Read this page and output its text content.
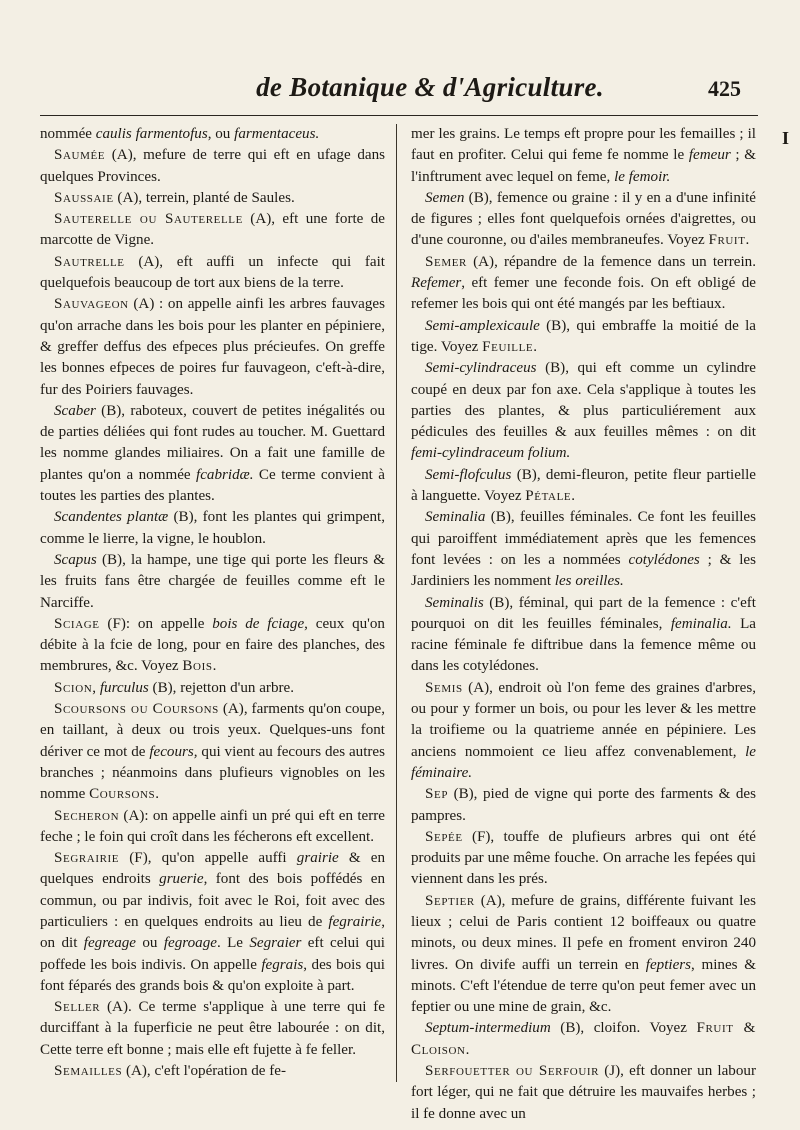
de Botanique & d'Agriculture.	425
I

nommée caulis farmentofus, ou farmentaceus.

Saumée (A), mefure de terre qui eft en ufage dans quelques Provinces.

Saussaie (A), terrein, planté de Saules.

Sauterelle ou Sauterelle (A), eft une forte de marcotte de Vigne.

Sautrelle (A), eft auffi un infecte qui fait quelquefois beaucoup de tort aux biens de la terre.

Sauvageon (A) : on appelle ainfi les arbres fauvages qu'on arrache dans les bois pour les planter en pépiniere, & greffer deffus des efpeces plus précieufes. On greffe les bonnes efpeces de poires fur fauvageon, c'eft-à-dire, fur des Poiriers fauvages.

Scaber (B), raboteux, couvert de petites inégalités ou de parties déliées qui font rudes au toucher. M. Guettard les nomme glandes miliaires. On a fait une famille de plantes qu'on a nommée fcabridæ. Ce terme convient à toutes les parties des plantes.

Scandentes plantæ (B), font les plantes qui grimpent, comme le lierre, la vigne, le houblon.

Scapus (B), la hampe, une tige qui porte les fleurs & les fruits fans être chargée de feuilles comme eft le Narciffe.

Sciage (F): on appelle bois de fciage, ceux qu'on débite à la fcie de long, pour en faire des planches, des membrures, &c. Voyez Bois.

Scion, furculus (B), rejetton d'un arbre.

Scoursons ou Coursons (A), farments qu'on coupe, en taillant, à deux ou trois yeux. Quelques-uns font dériver ce mot de fecours, qui vient au fecours des autres branches ; néanmoins dans plufieurs vignobles on les nomme Coursons.

Secheron (A): on appelle ainfi un pré qui eft en terre feche ; le foin qui croît dans les fécherons eft excellent.

Segrairie (F), qu'on appelle auffi grairie & en quelques endroits gruerie, font des bois poffédés en commun, ou par indivis, foit avec le Roi, foit avec des particuliers : en quelques endroits au lieu de fegrairie, on dit fegreage ou fegroage. Le Segraier eft celui qui poffede les bois indivis. On appelle fegrais, des bois qui font féparés des grands bois & qu'on exploite à part.

Seller (A). Ce terme s'applique à une terre qui fe durciffant à la fuperficie ne peut être labourée : on dit, Cette terre eft bonne ; mais elle eft fujette à fe feller.

Semailles (A), c'eft l'opération de fe-

mer les grains. Le temps eft propre pour les femailles ; il faut en profiter. Celui qui feme fe nomme le femeur ; & l'inftrument avec lequel on feme, le femoir.

Semen (B), femence ou graine : il y en a d'une infinité de figures ; elles font quelquefois ornées d'aigrettes, ou d'une couronne, ou d'ailes membraneufes. Voyez Fruit.

Semer (A), répandre de la femence dans un terrein. Refemer, eft femer une feconde fois. On eft obligé de refemer les bois qui ont été mangés par les beftiaux.

Semi-amplexicaule (B), qui embraffe la moitié de la tige. Voyez Feuille.

Semi-cylindraceus (B), qui eft comme un cylindre coupé en deux par fon axe. Cela s'applique à toutes les parties des plantes, & plus particuliérement aux pédicules des feuilles & aux feuilles mêmes : on dit femi-cylindraceum folium.

Semi-flofculus (B), demi-fleuron, petite fleur partielle à languette. Voyez Pétale.

Seminalia (B), feuilles féminales. Ce font les feuilles qui paroiffent immédiatement après que les femences font levées : on les a nommées cotylédones ; & les Jardiniers les nomment les oreilles.

Seminalis (B), féminal, qui part de la femence : c'eft pourquoi on dit les feuilles féminales, feminalia. La racine féminale fe diftribue dans la femence même ou dans les cotylédones.

Semis (A), endroit où l'on feme des graines d'arbres, ou pour y former un bois, ou pour les lever & les mettre la troifieme ou la quatrieme année en pépiniere. Les anciens nommoient ce lieu affez convenablement, le féminaire.

Sep (B), pied de vigne qui porte des farments & des pampres.

Sepée (F), touffe de plufieurs arbres qui ont été produits par une même fouche. On arrache les fepées qui viennent dans les prés.

Septier (A), mefure de grains, différente fuivant les lieux ; celui de Paris contient 12 boiffeaux ou quatre minots, ou deux mines. Il pefe en froment environ 240 livres. On divife auffi un terrein en feptiers, mines & minots. C'eft l'étendue de terre qu'on peut femer avec un feptier ou une mine de grain, &c.

Septum-intermedium (B), cloifon. Voyez Fruit & Cloison.

Serfouetter ou Serfouir (J), eft donner un labour fort léger, qui ne fait que détruire les mauvaifes herbes ; il fe donne avec un
